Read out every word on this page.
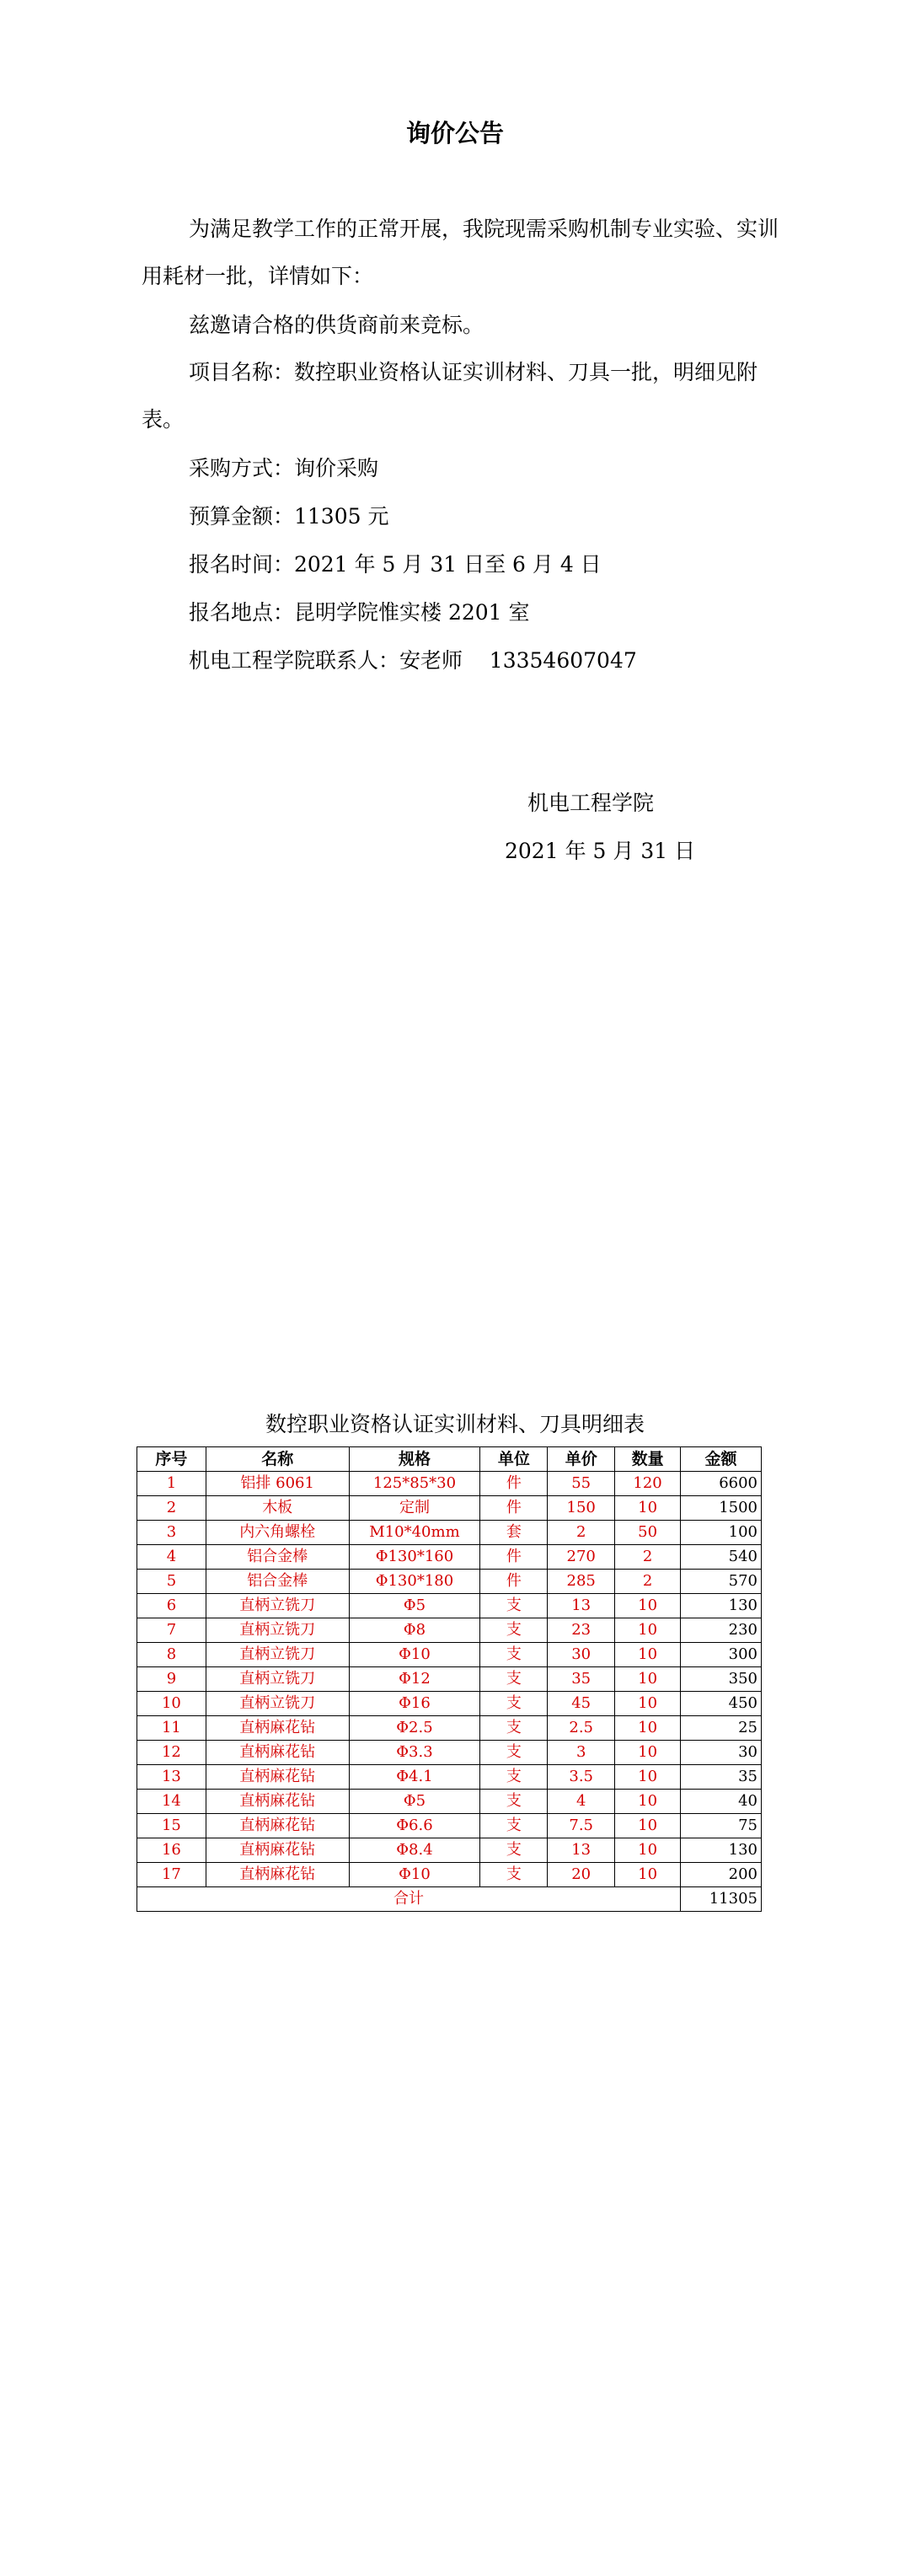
询价公告

为满足教学工作的正常开展，我院现需采购机制专业实验、实训用耗材一批，详情如下：

兹邀请合格的供货商前来竞标。

项目名称：数控职业资格认证实训材料、刀具一批，明细见附表。

采购方式：询价采购
预算金额：11305 元
报名时间：2021 年 5 月 31 日至 6 月 4 日
报名地点：昆明学院惟实楼 2201 室
机电工程学院联系人：安老师    13354607047
机电工程学院
2021 年 5 月 31 日
数控职业资格认证实训材料、刀具明细表
序号	名称	规格	单位	单价	数量	金额
1	铝排 6061	125*85*30	件	55	120	6600
2	木板	定制	件	150	10	1500
3	内六角螺栓	M10*40mm	套	2	50	100
4	铝合金棒	Φ130*160	件	270	2	540
5	铝合金棒	Φ130*180	件	285	2	570
6	直柄立铣刀	Φ5	支	13	10	130
7	直柄立铣刀	Φ8	支	23	10	230
8	直柄立铣刀	Φ10	支	30	10	300
9	直柄立铣刀	Φ12	支	35	10	350
10	直柄立铣刀	Φ16	支	45	10	450
11	直柄麻花钻	Φ2.5	支	2.5	10	25
12	直柄麻花钻	Φ3.3	支	3	10	30
13	直柄麻花钻	Φ4.1	支	3.5	10	35
14	直柄麻花钻	Φ5	支	4	10	40
15	直柄麻花钻	Φ6.6	支	7.5	10	75
16	直柄麻花钻	Φ8.4	支	13	10	130
17	直柄麻花钻	Φ10	支	20	10	200
合计						11305
